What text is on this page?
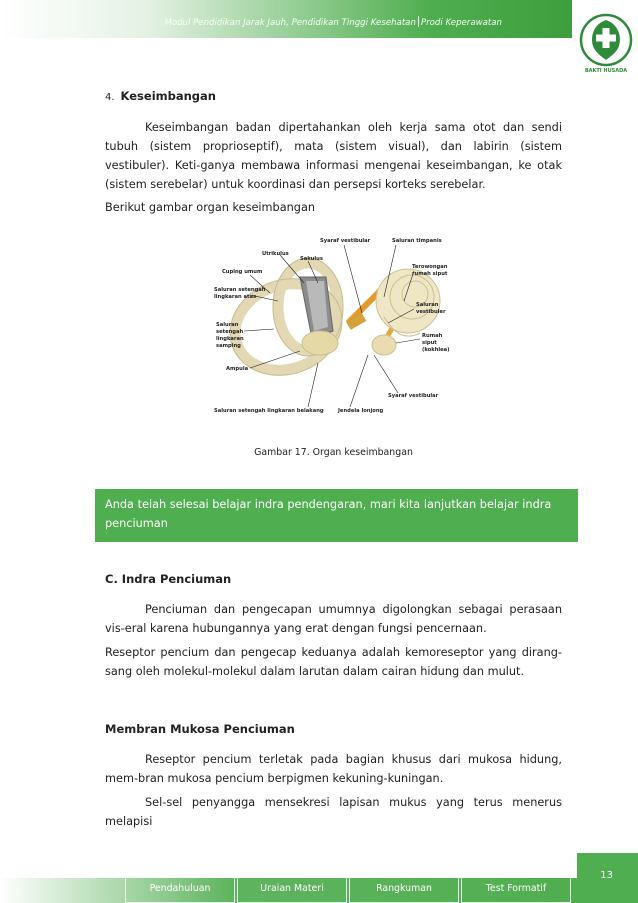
Modul Pendidikan Jarak Jauh, Pendidikan Tinggi Kesehatan Prodi Keperawatan
BAKTI HUSADA
4. Keseimbangan
Keseimbangan badan dipertahankan oleh kerja sama otot dan sendi tubuh (sistem proprioseptif), mata (sistem visual), dan labirin (sistem vestibuler). Keti-ganya membawa informasi mengenai keseimbangan, ke otak (sistem serebelar) untuk koordinasi dan persepsi korteks serebelar.
Berikut gambar organ keseimbangan
Utrikulus
Sakulus
Syaraf vestibular	Saluran timpanis
Cuping umum
Terowongan
rumah siput
Saluran setengah
lingkaran atas
Saluran
vestibuler
Saluran
setengah
lingkaran
samping
Rumah
siput
(kokhlea)
Ampula
Syaraf vestibular
Saluran setengah lingkaran belakang	Jendela lonjong
Gambar 17. Organ keseimbangan
Anda telah selesai belajar indra pendengaran, mari kita lanjutkan belajar indra penciuman
C. Indra Penciuman
Penciuman dan pengecapan umumnya digolongkan sebagai perasaan vis-eral karena hubungannya yang erat dengan fungsi pencernaan.
Reseptor pencium dan pengecap keduanya adalah kemoreseptor yang dirang-sang oleh molekul-molekul dalam larutan dalam cairan hidung dan mulut.
Membran Mukosa Penciuman
Reseptor pencium terletak pada bagian khusus dari mukosa hidung, mem-bran mukosa pencium berpigmen kekuning-kuningan.
Sel-sel penyangga mensekresi lapisan mukus yang terus menerus melapisi
Pendahuluan	Uraian Materi	Rangkuman	Test Formatif
13
